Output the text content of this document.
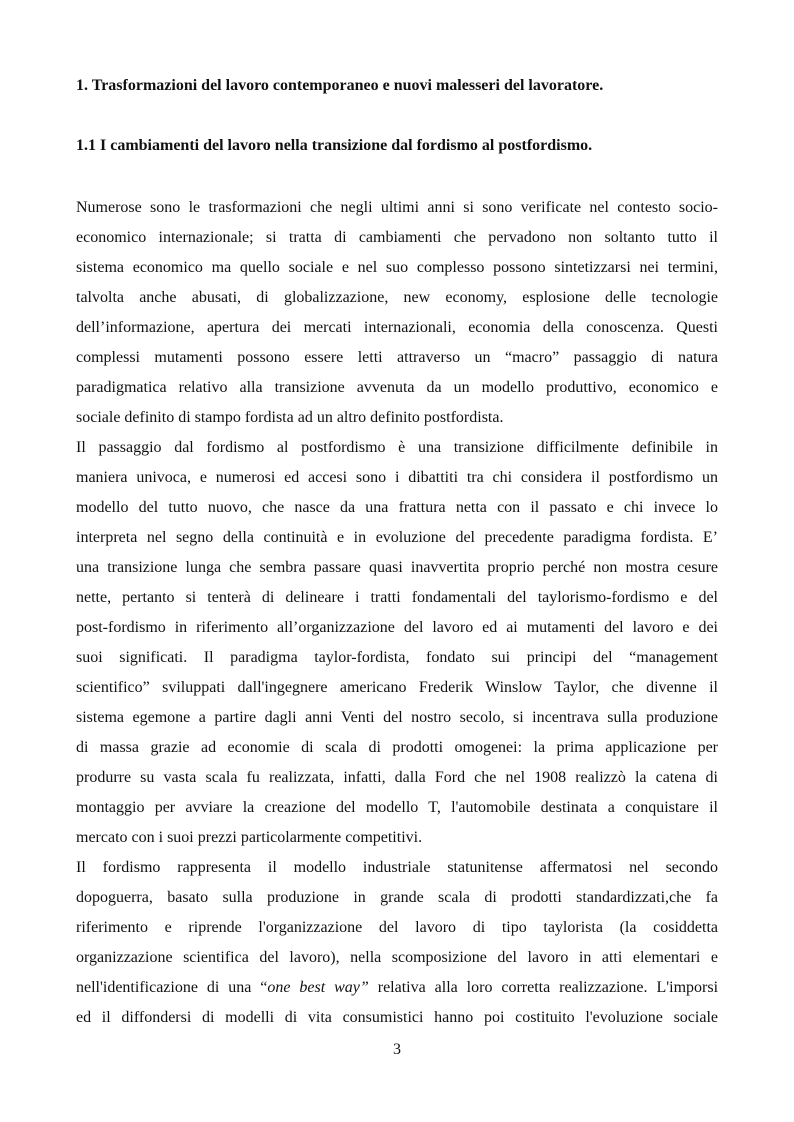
1. Trasformazioni del lavoro contemporaneo e nuovi malesseri del lavoratore.
1.1 I cambiamenti del lavoro nella transizione dal fordismo al postfordismo.
Numerose sono le trasformazioni che negli ultimi anni si sono verificate nel contesto socio-
economico internazionale; si tratta di cambiamenti che pervadono non soltanto tutto il
sistema economico ma quello sociale e nel suo complesso possono sintetizzarsi nei termini,
talvolta anche abusati, di globalizzazione, new economy, esplosione delle tecnologie
dell’informazione, apertura dei mercati internazionali, economia della conoscenza. Questi
complessi mutamenti possono essere letti attraverso un “macro” passaggio di natura
paradigmatica relativo alla transizione avvenuta da un modello produttivo, economico e
sociale definito di stampo fordista ad un altro definito postfordista.
Il passaggio dal fordismo al postfordismo è una transizione difficilmente definibile in
maniera univoca, e numerosi ed accesi sono i dibattiti tra chi considera il postfordismo un
modello del tutto nuovo, che nasce da una frattura netta con il passato e chi invece lo
interpreta nel segno della continuità e in evoluzione del precedente paradigma fordista. E’
una transizione lunga che sembra passare quasi inavvertita proprio perché non mostra cesure
nette, pertanto si tenterà di delineare i tratti fondamentali del taylorismo-fordismo e del
post-fordismo in riferimento all’organizzazione del lavoro ed ai mutamenti del lavoro e dei
suoi significati. Il paradigma taylor-fordista, fondato sui principi del “management
scientifico” sviluppati dall'ingegnere americano Frederik Winslow Taylor, che divenne il
sistema egemone a partire dagli anni Venti del nostro secolo, si incentrava sulla produzione
di massa grazie ad economie di scala di prodotti omogenei: la prima applicazione per
produrre su vasta scala fu realizzata, infatti, dalla Ford che nel 1908 realizzò la catena di
montaggio per avviare la creazione del modello T, l'automobile destinata a conquistare il
mercato con i suoi prezzi particolarmente competitivi.
Il fordismo rappresenta il modello industriale statunitense affermatosi nel secondo
dopoguerra, basato sulla produzione in grande scala di prodotti standardizzati,che fa
riferimento e riprende l'organizzazione del lavoro di tipo taylorista (la cosiddetta
organizzazione scientifica del lavoro), nella scomposizione del lavoro in atti elementari e
nell'identificazione di una “one best way” relativa alla loro corretta realizzazione. L'imporsi
ed il diffondersi di modelli di vita consumistici hanno poi costituito l'evoluzione sociale
3
